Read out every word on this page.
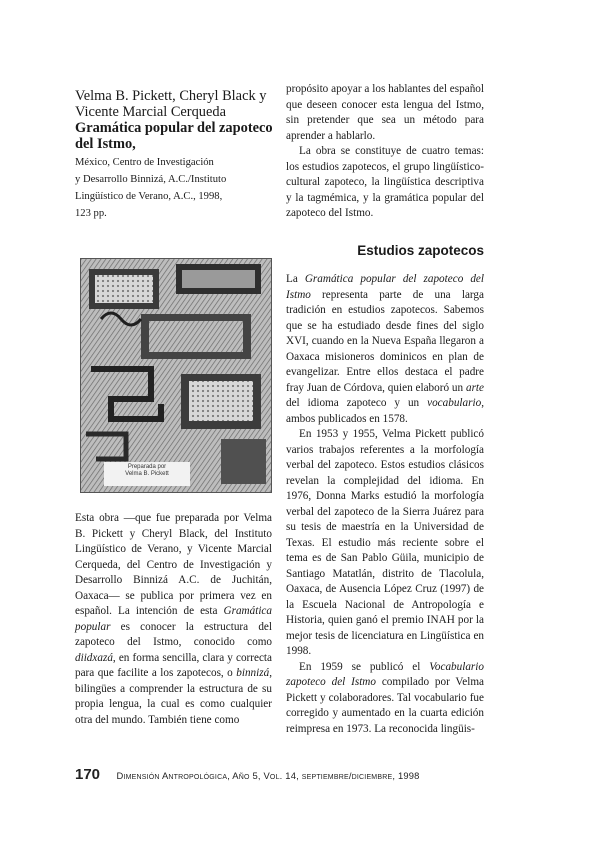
Velma B. Pickett, Cheryl Black y Vicente Marcial Cerqueda
Gramática popular del zapoteco del Istmo,
México, Centro de Investigación
y Desarrollo Binnizá, A.C./Instituto
Lingüístico de Verano, A.C., 1998,
123 pp.
Preparada por
Velma B. Pickett

Esta obra —que fue preparada por Velma B. Pickett y Cheryl Black, del Instituto Lingüístico de Verano, y Vicente Marcial Cerqueda, del Centro de Investigación y Desarrollo Binnizá A.C. de Juchitán, Oaxaca— se publica por primera vez en español. La intención de esta Gramática popular es conocer la estructura del zapoteco del Istmo, conocido como diidxazá, en forma sencilla, clara y correcta para que facilite a los zapotecos, o binnizá, bilingües a comprender la estructura de su propia lengua, la cual es como cualquier otra del mundo. También tiene como

propósito apoyar a los hablantes del español que deseen conocer esta lengua del Istmo, sin pretender que sea un método para aprender a hablarlo.

La obra se constituye de cuatro temas: los estudios zapotecos, el grupo lingüístico-cultural zapoteco, la lingüística descriptiva y la tagmémica, y la gramática popular del zapoteco del Istmo.

Estudios zapotecos

La Gramática popular del zapoteco del Istmo representa parte de una larga tradición en estudios zapotecos. Sabemos que se ha estudiado desde fines del siglo XVI, cuando en la Nueva España llegaron a Oaxaca misioneros dominicos en plan de evangelizar. Entre ellos destaca el padre fray Juan de Córdova, quien elaboró un arte del idioma zapoteco y un vocabulario, ambos publicados en 1578.

En 1953 y 1955, Velma Pickett publicó varios trabajos referentes a la morfología verbal del zapoteco. Estos estudios clásicos revelan la complejidad del idioma. En 1976, Donna Marks estudió la morfología verbal del zapoteco de la Sierra Juárez para su tesis de maestría en la Universidad de Texas. El estudio más reciente sobre el tema es de San Pablo Güila, municipio de Santiago Matatlán, distrito de Tlacolula, Oaxaca, de Ausencia López Cruz (1997) de la Escuela Nacional de Antropología e Historia, quien ganó el premio INAH por la mejor tesis de licenciatura en Lingüística en 1998.

En 1959 se publicó el Vocabulario zapoteco del Istmo compilado por Velma Pickett y colaboradores. Tal vocabulario fue corregido y aumentado en la cuarta edición reimpresa en 1973. La reconocida lingüis-

170 Dimensión Antropológica, Año 5, Vol. 14, septiembre/diciembre, 1998
